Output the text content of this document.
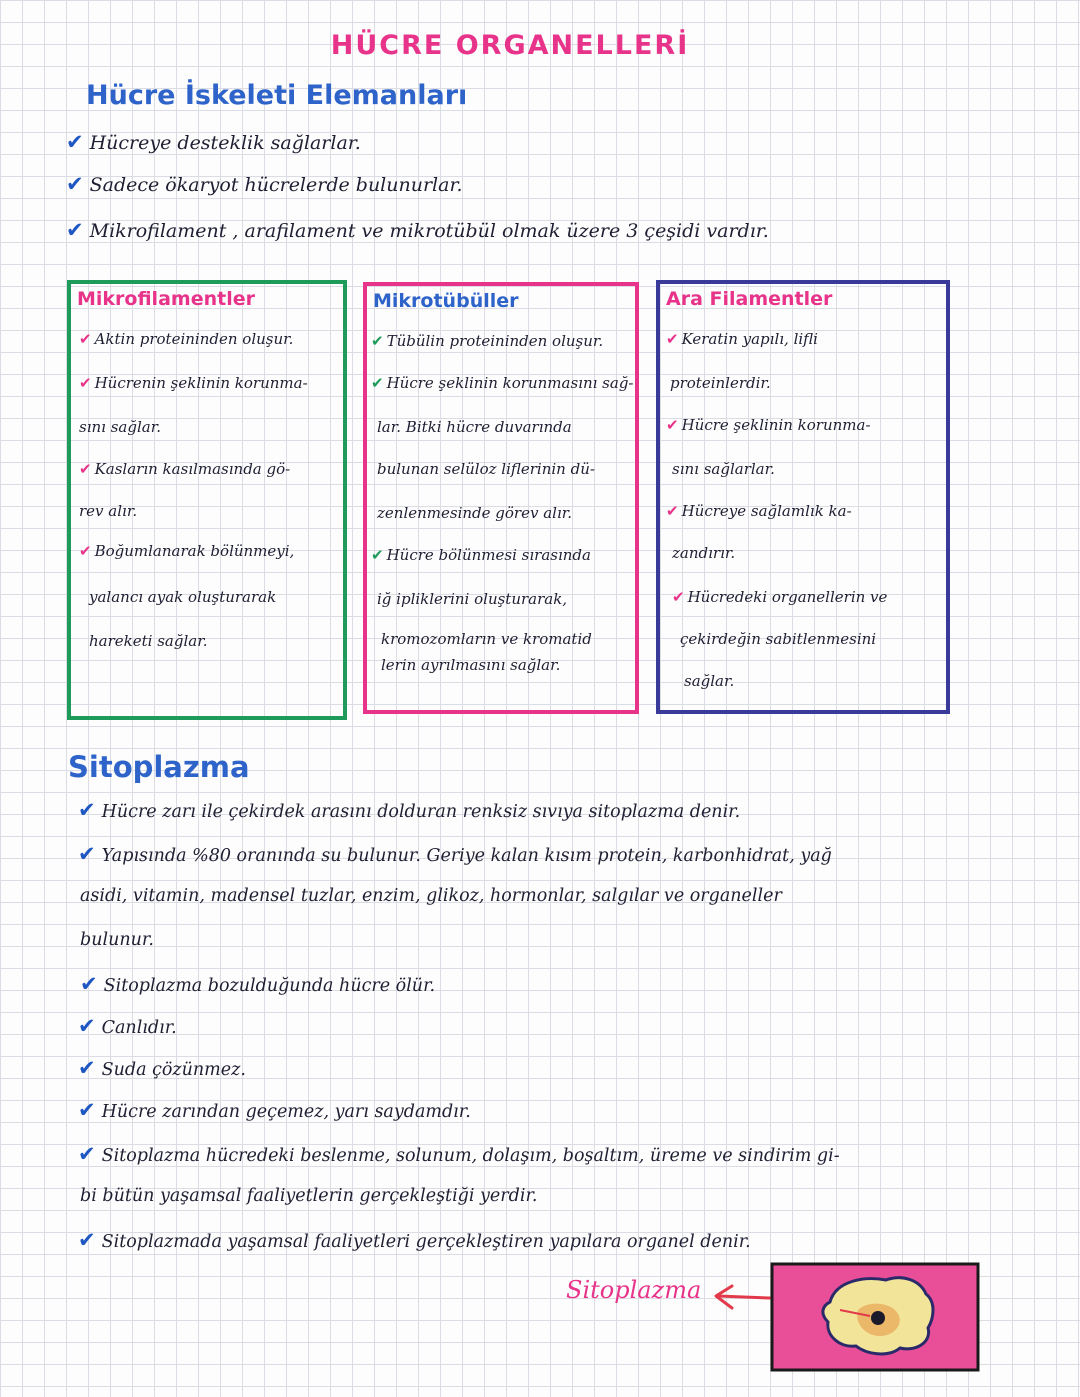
HÜCRE ORGANELLERİ
Hücre İskeleti Elemanları
✔ Hücreye desteklik sağlarlar.
✔ Sadece ökaryot hücrelerde bulunurlar.
✔ Mikrofilament , arafilament ve mikrotübül olmak üzere 3 çeşidi vardır.
Mikrofilamentler
✔ Aktin proteininden oluşur.
✔ Hücrenin şeklinin korunma-
sını sağlar.
✔ Kasların kasılmasında gö-
rev alır.
✔ Boğumlanarak bölünmeyi,
yalancı ayak oluşturarak
hareketi sağlar.
Mikrotübüller
✔ Tübülin proteininden oluşur.
✔ Hücre şeklinin korunmasını sağ-
lar. Bitki hücre duvarında
bulunan selüloz liflerinin dü-
zenlenmesinde görev alır.
✔ Hücre bölünmesi sırasında
iğ ipliklerini oluşturarak,
kromozomların ve kromatid
lerin ayrılmasını sağlar.
Ara Filamentler
✔ Keratin yapılı, lifli
proteinlerdir.
✔ Hücre şeklinin korunma-
sını sağlarlar.
✔ Hücreye sağlamlık ka-
zandırır.
✔ Hücredeki organellerin ve
çekirdeğin sabitlenmesini
sağlar.
Sitoplazma
✔ Hücre zarı ile çekirdek arasını dolduran renksiz sıvıya sitoplazma denir.
✔ Yapısında %80 oranında su bulunur. Geriye kalan kısım protein, karbonhidrat, yağ
asidi, vitamin, madensel tuzlar, enzim, glikoz, hormonlar, salgılar ve organeller
bulunur.
✔ Sitoplazma bozulduğunda hücre ölür.
✔ Canlıdır.
✔ Suda çözünmez.
✔ Hücre zarından geçemez, yarı saydamdır.
✔ Sitoplazma hücredeki beslenme, solunum, dolaşım, boşaltım, üreme ve sindirim gi-
bi bütün yaşamsal faaliyetlerin gerçekleştiği yerdir.
✔ Sitoplazmada yaşamsal faaliyetleri gerçekleştiren yapılara organel denir.
Sitoplazma
